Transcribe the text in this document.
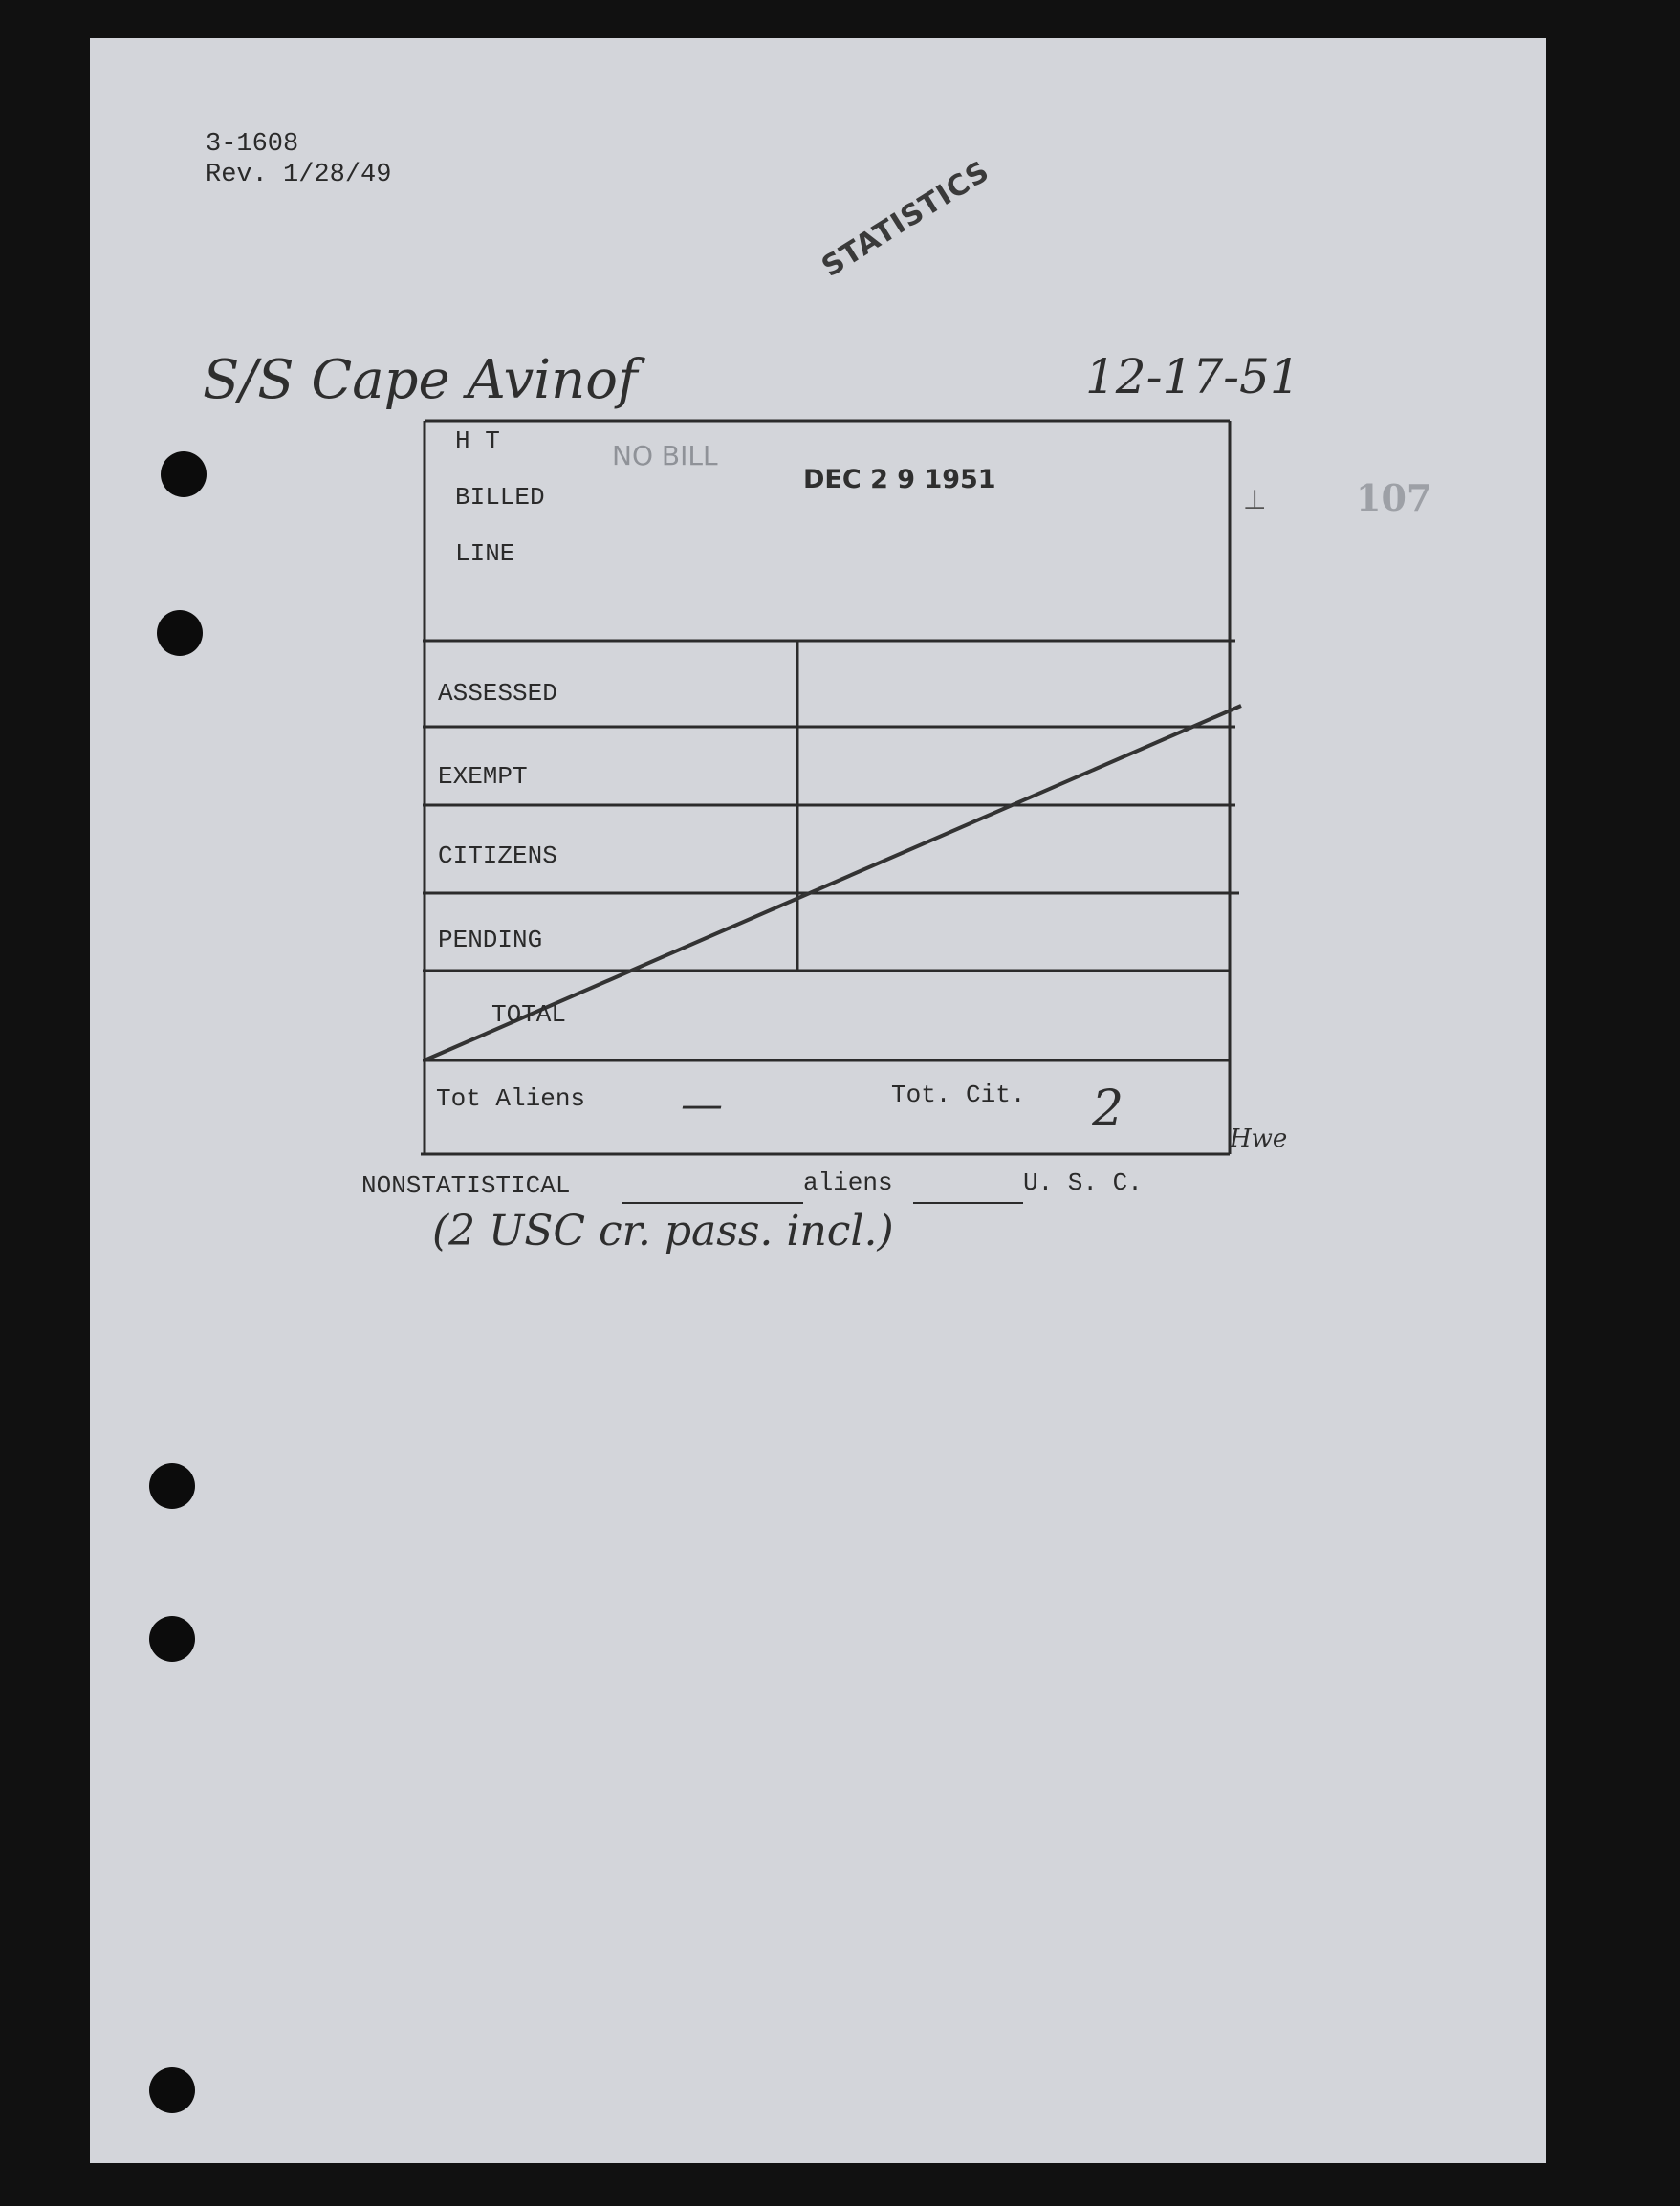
3-1608
Rev. 1/28/49	STATISTICS
S/S Cape Avinof	12-17-51
107
⊥
NO BILL
DEC 2 9 1951
H T
BILLED
LINE
ASSESSED
EXEMPT
CITIZENS
PENDING
TOTAL
Tot Aliens —	Tot. Cit. 2
Hwe
NONSTATISTICAL	aliens	U. S. C.
(2 USC cr. pass. incl.)
